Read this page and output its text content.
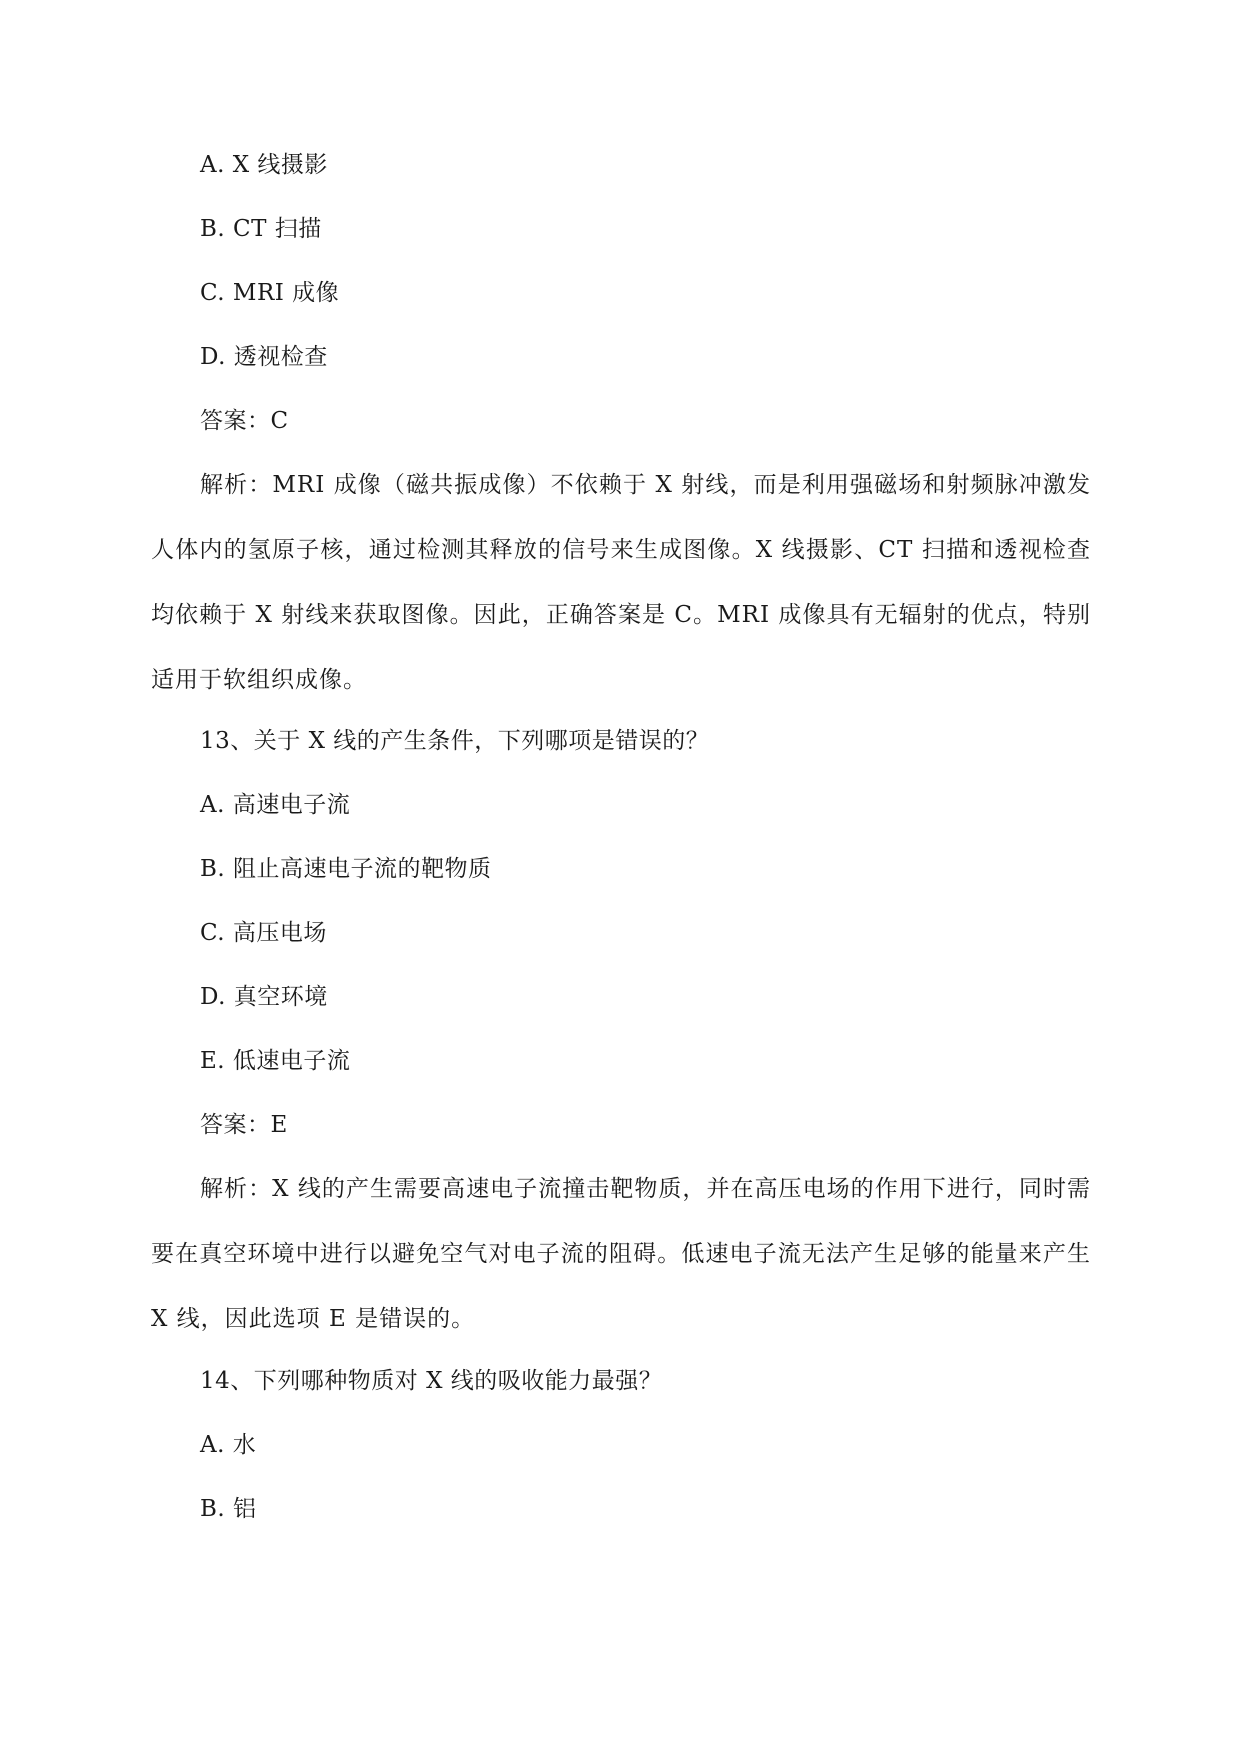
A. X 线摄影
B. CT 扫描
C. MRI 成像
D. 透视检查
答案：C
解析：MRI 成像（磁共振成像）不依赖于 X 射线，而是利用强磁场和射频脉冲激发人体内的氢原子核，通过检测其释放的信号来生成图像。X 线摄影、CT 扫描和透视检查均依赖于 X 射线来获取图像。因此，正确答案是 C。MRI 成像具有无辐射的优点，特别适用于软组织成像。
13、关于 X 线的产生条件，下列哪项是错误的？
A. 高速电子流
B. 阻止高速电子流的靶物质
C. 高压电场
D. 真空环境
E. 低速电子流
答案：E
解析：X 线的产生需要高速电子流撞击靶物质，并在高压电场的作用下进行，同时需要在真空环境中进行以避免空气对电子流的阻碍。低速电子流无法产生足够的能量来产生 X 线，因此选项 E 是错误的。
14、下列哪种物质对 X 线的吸收能力最强？
A. 水
B. 铝
